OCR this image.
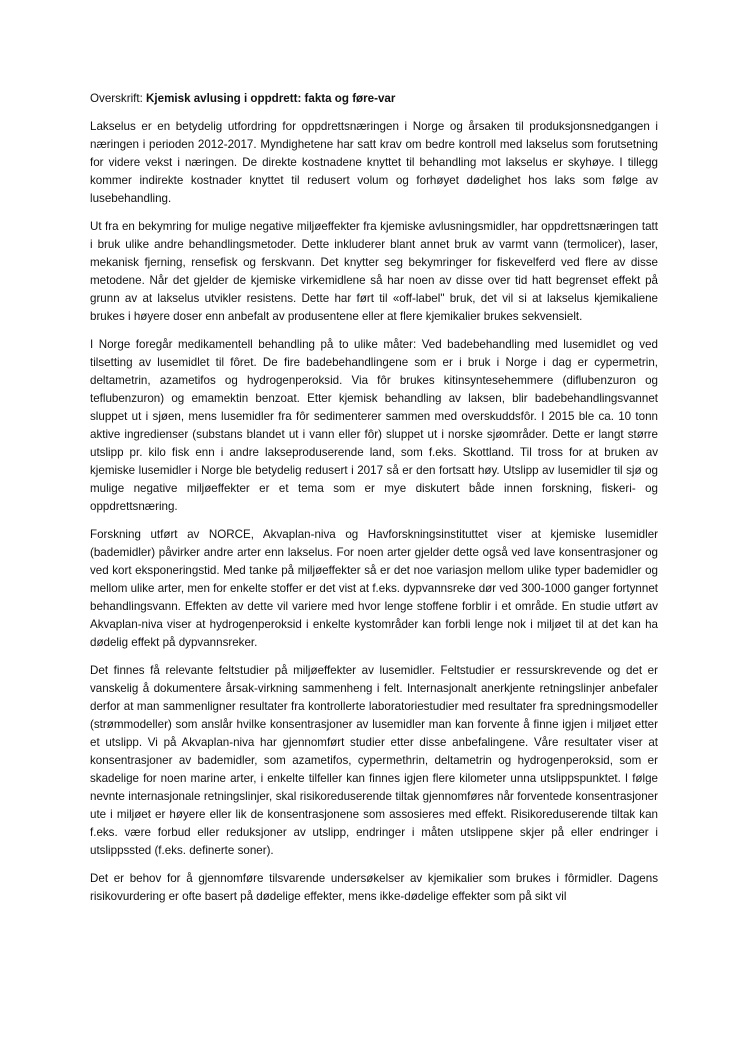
Overskrift: Kjemisk avlusing i oppdrett: fakta og føre-var

Lakselus er en betydelig utfordring for oppdrettsnæringen i Norge og årsaken til produksjonsnedgangen i næringen i perioden 2012-2017. Myndighetene har satt krav om bedre kontroll med lakselus som forutsetning for videre vekst i næringen. De direkte kostnadene knyttet til behandling mot lakselus er skyhøye. I tillegg kommer indirekte kostnader knyttet til redusert volum og forhøyet dødelighet hos laks som følge av lusebehandling.

Ut fra en bekymring for mulige negative miljøeffekter fra kjemiske avlusningsmidler, har oppdrettsnæringen tatt i bruk ulike andre behandlingsmetoder. Dette inkluderer blant annet bruk av varmt vann (termolicer), laser, mekanisk fjerning, rensefisk og ferskvann. Det knytter seg bekymringer for fiskevelferd ved flere av disse metodene. Når det gjelder de kjemiske virkemidlene så har noen av disse over tid hatt begrenset effekt på grunn av at lakselus utvikler resistens. Dette har ført til «off-label" bruk, det vil si at lakselus kjemikaliene brukes i høyere doser enn anbefalt av produsentene eller at flere kjemikalier brukes sekvensielt.

I Norge foregår medikamentell behandling på to ulike måter: Ved badebehandling med lusemidlet og ved tilsetting av lusemidlet til fôret. De fire badebehandlingene som er i bruk i Norge i dag er cypermetrin, deltametrin, azametifos og hydrogenperoksid. Via fôr brukes kitinsyntesehemmere (diflubenzuron og teflubenzuron) og emamektin benzoat. Etter kjemisk behandling av laksen, blir badebehandlingsvannet sluppet ut i sjøen, mens lusemidler fra fôr sedimenterer sammen med overskuddsfôr. I 2015 ble ca. 10 tonn aktive ingredienser (substans blandet ut i vann eller fôr) sluppet ut i norske sjøområder. Dette er langt større utslipp pr. kilo fisk enn i andre lakseproduserende land, som f.eks. Skottland. Til tross for at bruken av kjemiske lusemidler i Norge ble betydelig redusert i 2017 så er den fortsatt høy. Utslipp av lusemidler til sjø og mulige negative miljøeffekter er et tema som er mye diskutert både innen forskning, fiskeri- og oppdrettsnæring.

Forskning utført av NORCE, Akvaplan-niva og Havforskningsinstituttet viser at kjemiske lusemidler (bademidler) påvirker andre arter enn lakselus. For noen arter gjelder dette også ved lave konsentrasjoner og ved kort eksponeringstid. Med tanke på miljøeffekter så er det noe variasjon mellom ulike typer bademidler og mellom ulike arter, men for enkelte stoffer er det vist at f.eks. dypvannsreke dør ved 300-1000 ganger fortynnet behandlingsvann. Effekten av dette vil variere med hvor lenge stoffene forblir i et område. En studie utført av Akvaplan-niva viser at hydrogenperoksid i enkelte kystområder kan forbli lenge nok i miljøet til at det kan ha dødelig effekt på dypvannsreker.

Det finnes få relevante feltstudier på miljøeffekter av lusemidler. Feltstudier er ressurskrevende og det er vanskelig å dokumentere årsak-virkning sammenheng i felt. Internasjonalt anerkjente retningslinjer anbefaler derfor at man sammenligner resultater fra kontrollerte laboratoriestudier med resultater fra spredningsmodeller (strømmodeller) som anslår hvilke konsentrasjoner av lusemidler man kan forvente å finne igjen i miljøet etter et utslipp. Vi på Akvaplan-niva har gjennomført studier etter disse anbefalingene. Våre resultater viser at konsentrasjoner av bademidler, som azametifos, cypermethrin, deltametrin og hydrogenperoksid, som er skadelige for noen marine arter, i enkelte tilfeller kan finnes igjen flere kilometer unna utslippspunktet. I følge nevnte internasjonale retningslinjer, skal risikoreduserende tiltak gjennomføres når forventede konsentrasjoner ute i miljøet er høyere eller lik de konsentrasjonene som assosieres med effekt. Risikoreduserende tiltak kan f.eks. være forbud eller reduksjoner av utslipp, endringer i måten utslippene skjer på eller endringer i utslippssted (f.eks. definerte soner).

Det er behov for å gjennomføre tilsvarende undersøkelser av kjemikalier som brukes i fôrmidler. Dagens risikovurdering er ofte basert på dødelige effekter, mens ikke-dødelige effekter som på sikt vil
